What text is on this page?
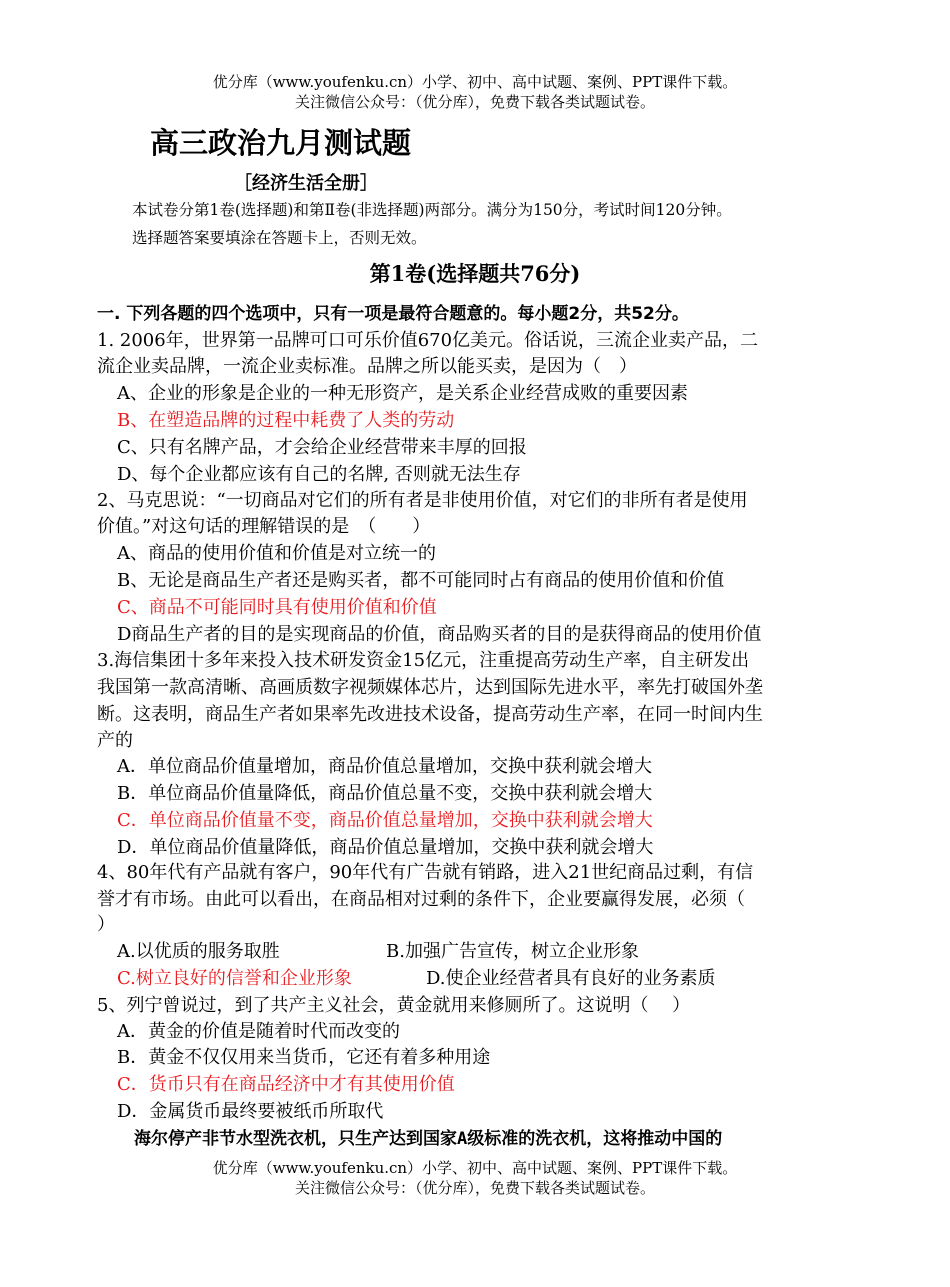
优分库（www.youfenku.cn）小学、初中、高中试题、案例、PPT课件下载。
关注微信公众号：（优分库），免费下载各类试题试卷。
高三政治九月测试题
［经济生活全册］
本试卷分第1卷(选择题)和第Ⅱ卷(非选择题)两部分。满分为150分，考试时间120分钟。
选择题答案要填涂在答题卡上，否则无效。
第1卷(选择题共76分)
一. 下列各题的四个选项中，只有一项是最符合题意的。每小题2分，共52分。
1. 2006年，世界第一品牌可口可乐价值670亿美元。俗话说，三流企业卖产品，二
流企业卖品牌，一流企业卖标准。品牌之所以能买卖，是因为（　）
A、企业的形象是企业的一种无形资产，是关系企业经营成败的重要因素
B、在塑造品牌的过程中耗费了人类的劳动
C、只有名牌产品，才会给企业经营带来丰厚的回报
D、每个企业都应该有自己的名牌, 否则就无法生存
2、马克思说：“一切商品对它们的所有者是非使用价值，对它们的非所有者是使用
价值。”对这句话的理解错误的是　（　　）
A、商品的使用价值和价值是对立统一的
B、无论是商品生产者还是购买者，都不可能同时占有商品的使用价值和价值
C、商品不可能同时具有使用价值和价值
D商品生产者的目的是实现商品的价值，商品购买者的目的是获得商品的使用价值
3.海信集团十多年来投入技术研发资金15亿元，注重提高劳动生产率，自主研发出
我国第一款高清晰、高画质数字视频媒体芯片，达到国际先进水平，率先打破国外垄
断。这表明，商品生产者如果率先改进技术设备，提高劳动生产率，在同一时间内生
产的
A．单位商品价值量增加，商品价值总量增加，交换中获利就会增大
B．单位商品价值量降低，商品价值总量不变，交换中获利就会增大
C．单位商品价值量不变，商品价值总量增加，交换中获利就会增大
D．单位商品价值量降低，商品价值总量增加，交换中获利就会增大
4、80年代有产品就有客户，90年代有广告就有销路，进入21世纪商品过剩，有信
誉才有市场。由此可以看出，在商品相对过剩的条件下，企业要赢得发展，必须（
）
A.以优质的服务取胜	B.加强广告宣传，树立企业形象
C.树立良好的信誉和企业形象	D.使企业经营者具有良好的业务素质
5、列宁曾说过，到了共产主义社会，黄金就用来修厕所了。这说明（　 ）
A．黄金的价值是随着时代而改变的
B．黄金不仅仅用来当货币，它还有着多种用途
C．货币只有在商品经济中才有其使用价值
D．金属货币最终要被纸币所取代
海尔停产非节水型洗衣机，只生产达到国家A级标准的洗衣机，这将推动中国的
优分库（www.youfenku.cn）小学、初中、高中试题、案例、PPT课件下载。
关注微信公众号：（优分库），免费下载各类试题试卷。
